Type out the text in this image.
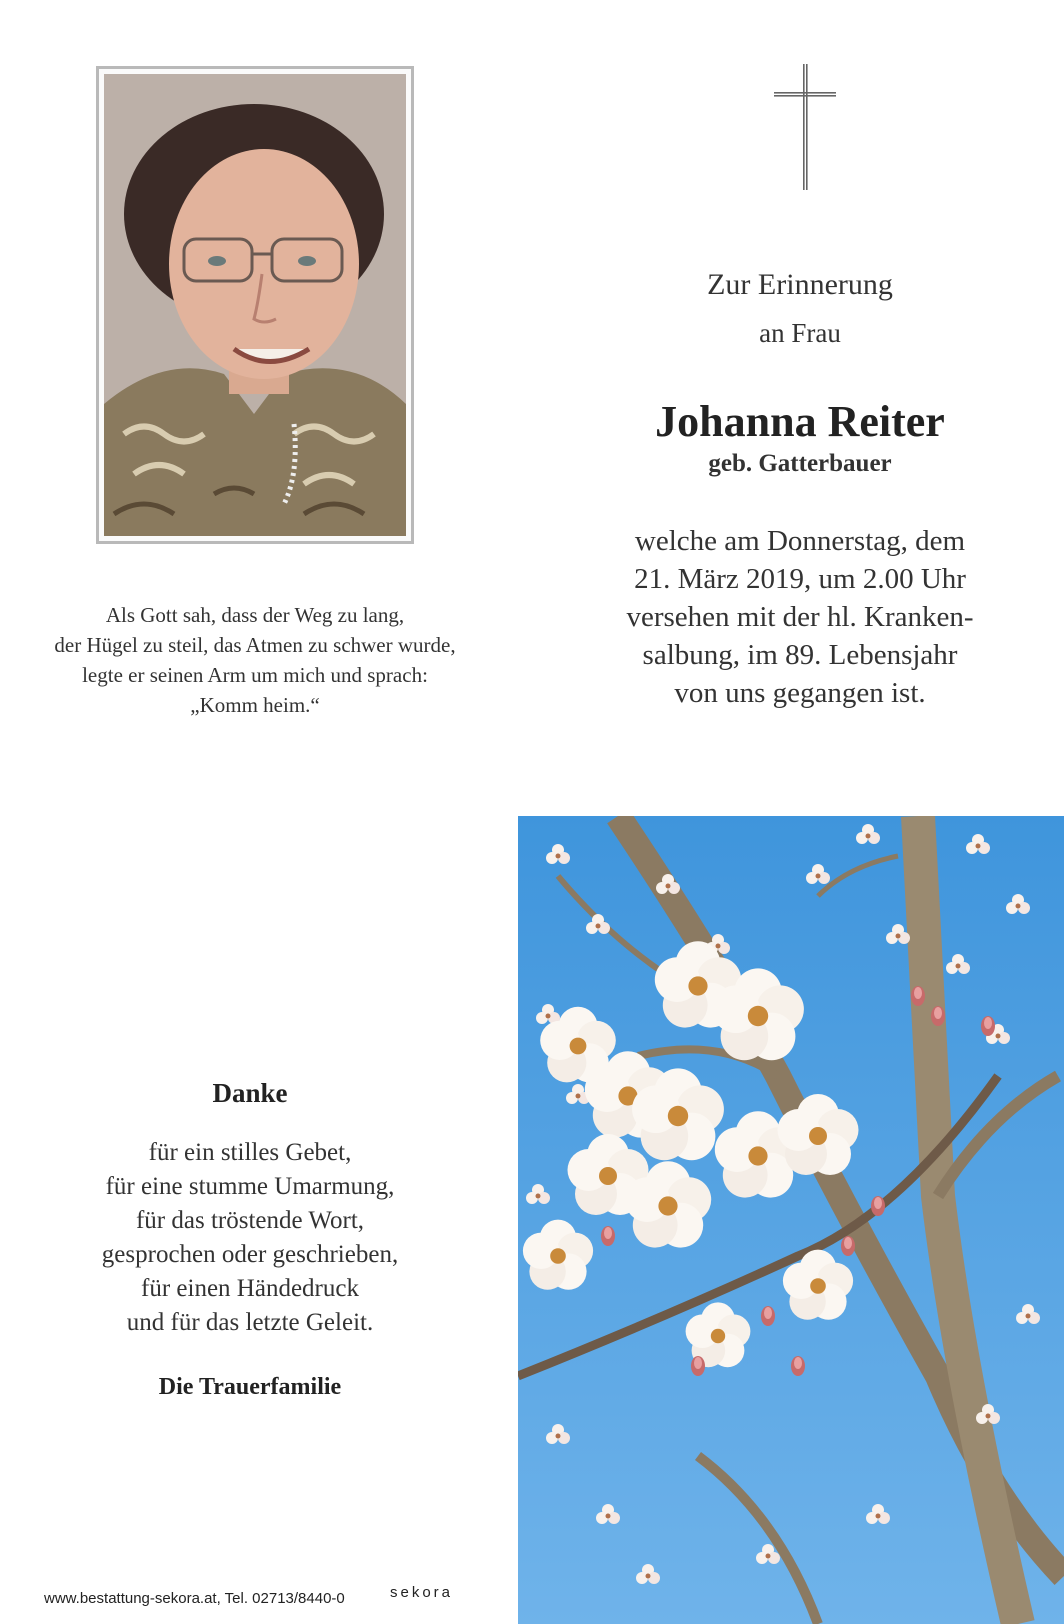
Als Gott sah, dass der Weg zu lang,
der Hügel zu steil, das Atmen zu schwer wurde,
legte er seinen Arm um mich und sprach:
„Komm heim.“
Zur Erinnerung
an Frau
Johanna Reiter
geb. Gatterbauer
welche am Donnerstag, dem
21. März 2019, um 2.00 Uhr
versehen mit der hl. Kranken-
salbung, im 89. Lebensjahr
von uns gegangen ist.
Danke
für ein stilles Gebet,
für eine stumme Umarmung,
für das tröstende Wort,
gesprochen oder geschrieben,
für einen Händedruck
und für das letzte Geleit.
Die Trauerfamilie
www.bestattung-sekora.at, Tel. 02713/8440-0	sekora
